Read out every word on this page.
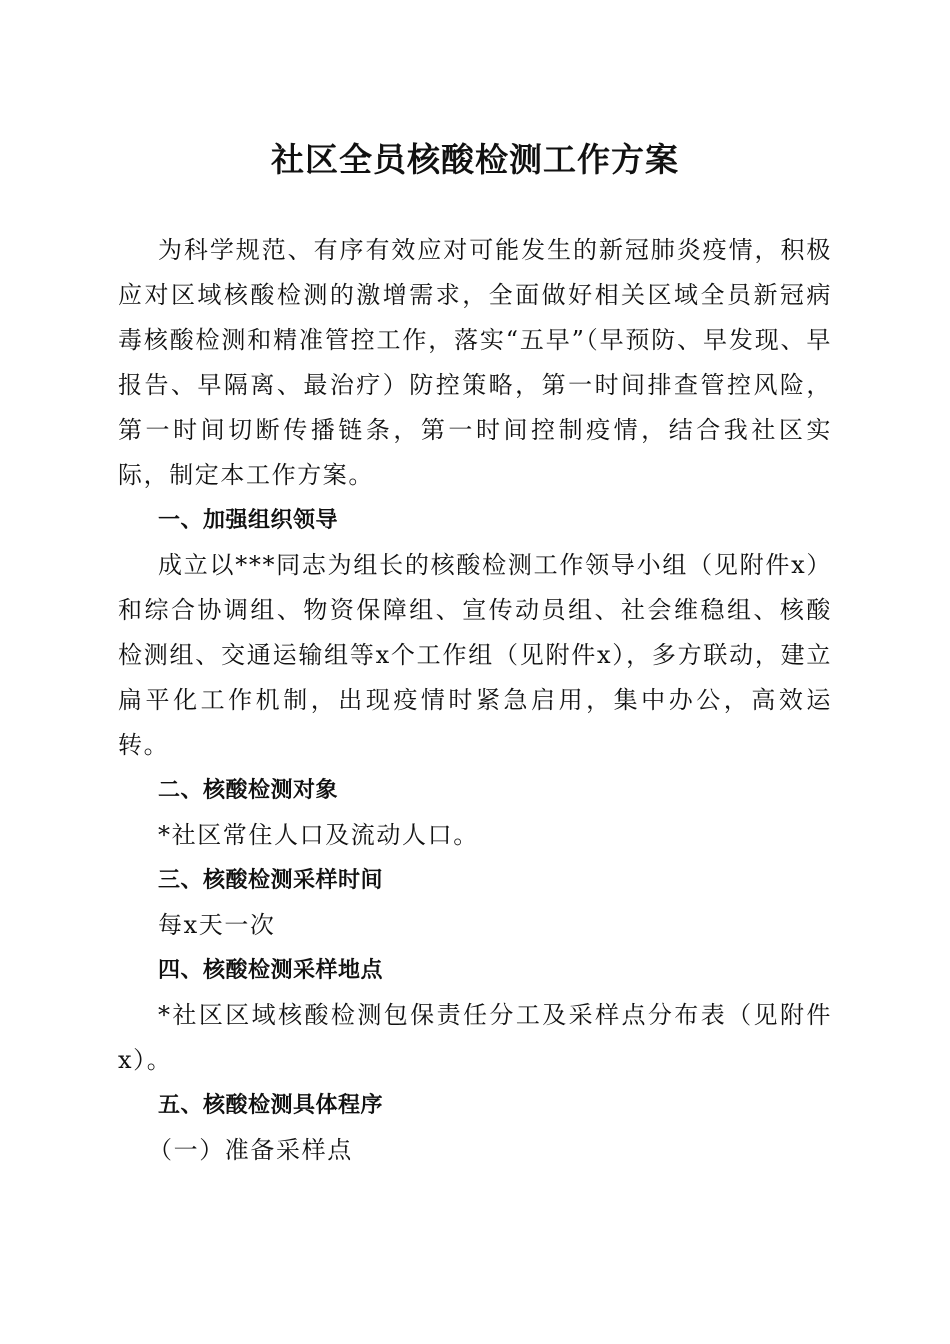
社区全员核酸检测工作方案

为科学规范、有序有效应对可能发生的新冠肺炎疫情，积极应对区域核酸检测的激增需求，全面做好相关区域全员新冠病毒核酸检测和精准管控工作，落实“五早”（早预防、早发现、早报告、早隔离、最治疗）防控策略，第一时间排查管控风险，第一时间切断传播链条，第一时间控制疫情，结合我社区实际，制定本工作方案。

一、加强组织领导

成立以***同志为组长的核酸检测工作领导小组（见附件x）和综合协调组、物资保障组、宣传动员组、社会维稳组、核酸检测组、交通运输组等x个工作组（见附件x），多方联动，建立扁平化工作机制，出现疫情时紧急启用，集中办公，高效运转。

二、核酸检测对象

*社区常住人口及流动人口。

三、核酸检测采样时间

每x天一次

四、核酸检测采样地点

*社区区域核酸检测包保责任分工及采样点分布表（见附件x）。

五、核酸检测具体程序

（一）准备采样点
